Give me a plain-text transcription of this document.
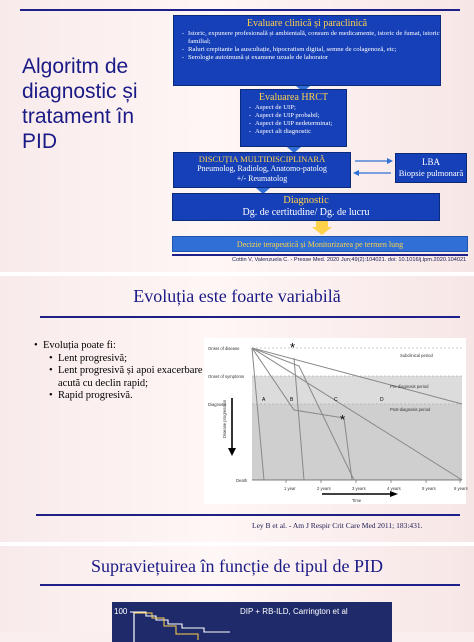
Algoritm de diagnostic și tratament în PID
Evaluare clinică și paraclinică
- Istoric, expunere profesională și ambientală, consum de medicamente, istoric de fumat, istoric familial;
- Raluri crepitante la auscultație, hipocratism digital, semne de colagenoză, etc;
- Serologie autoimună și examene uzuale de laborator
Evaluarea HRCT
- Aspect de UIP;
- Aspect de UIP probabil;
- Aspect de UIP nedeterminat;
- Aspect alt diagnostic
DISCUȚIA MULTIDISCIPLINARĂ
Pneumolog, Radiolog, Anatomo-patolog
+/- Reumatolog
LBA
Biopsie pulmonară
Diagnostic
Dg. de certitudine/ Dg. de lucru
Decizie terapeutică și Monitorizarea pe termen lung
Cottin V, Valenzuela C. - Presse Med. 2020 Jun;49(2):104021. doi: 10.1016/j.lpm.2020.104021
Evoluția este foarte variabilă
• Evoluția poate fi:
• Lent progresivă;
• Lent progresivă și apoi exacerbare acută cu declin rapid;
• Rapid progresivă.
Onset of disease
Onset of symptoms
Diagnosis
Death
Subclinical period
Pre-diagnosis period
Post-diagnosis period
1 year	2 years	3 years	4 years	5 years	6 years
Time
Disease progression	A	B	C	D
*
*
Ley B et al. - Am J Respir Crit Care Med 2011; 183:431.
Supraviețuirea în funcție de tipul de PID
100	DIP + RB-ILD, Carrington et al
